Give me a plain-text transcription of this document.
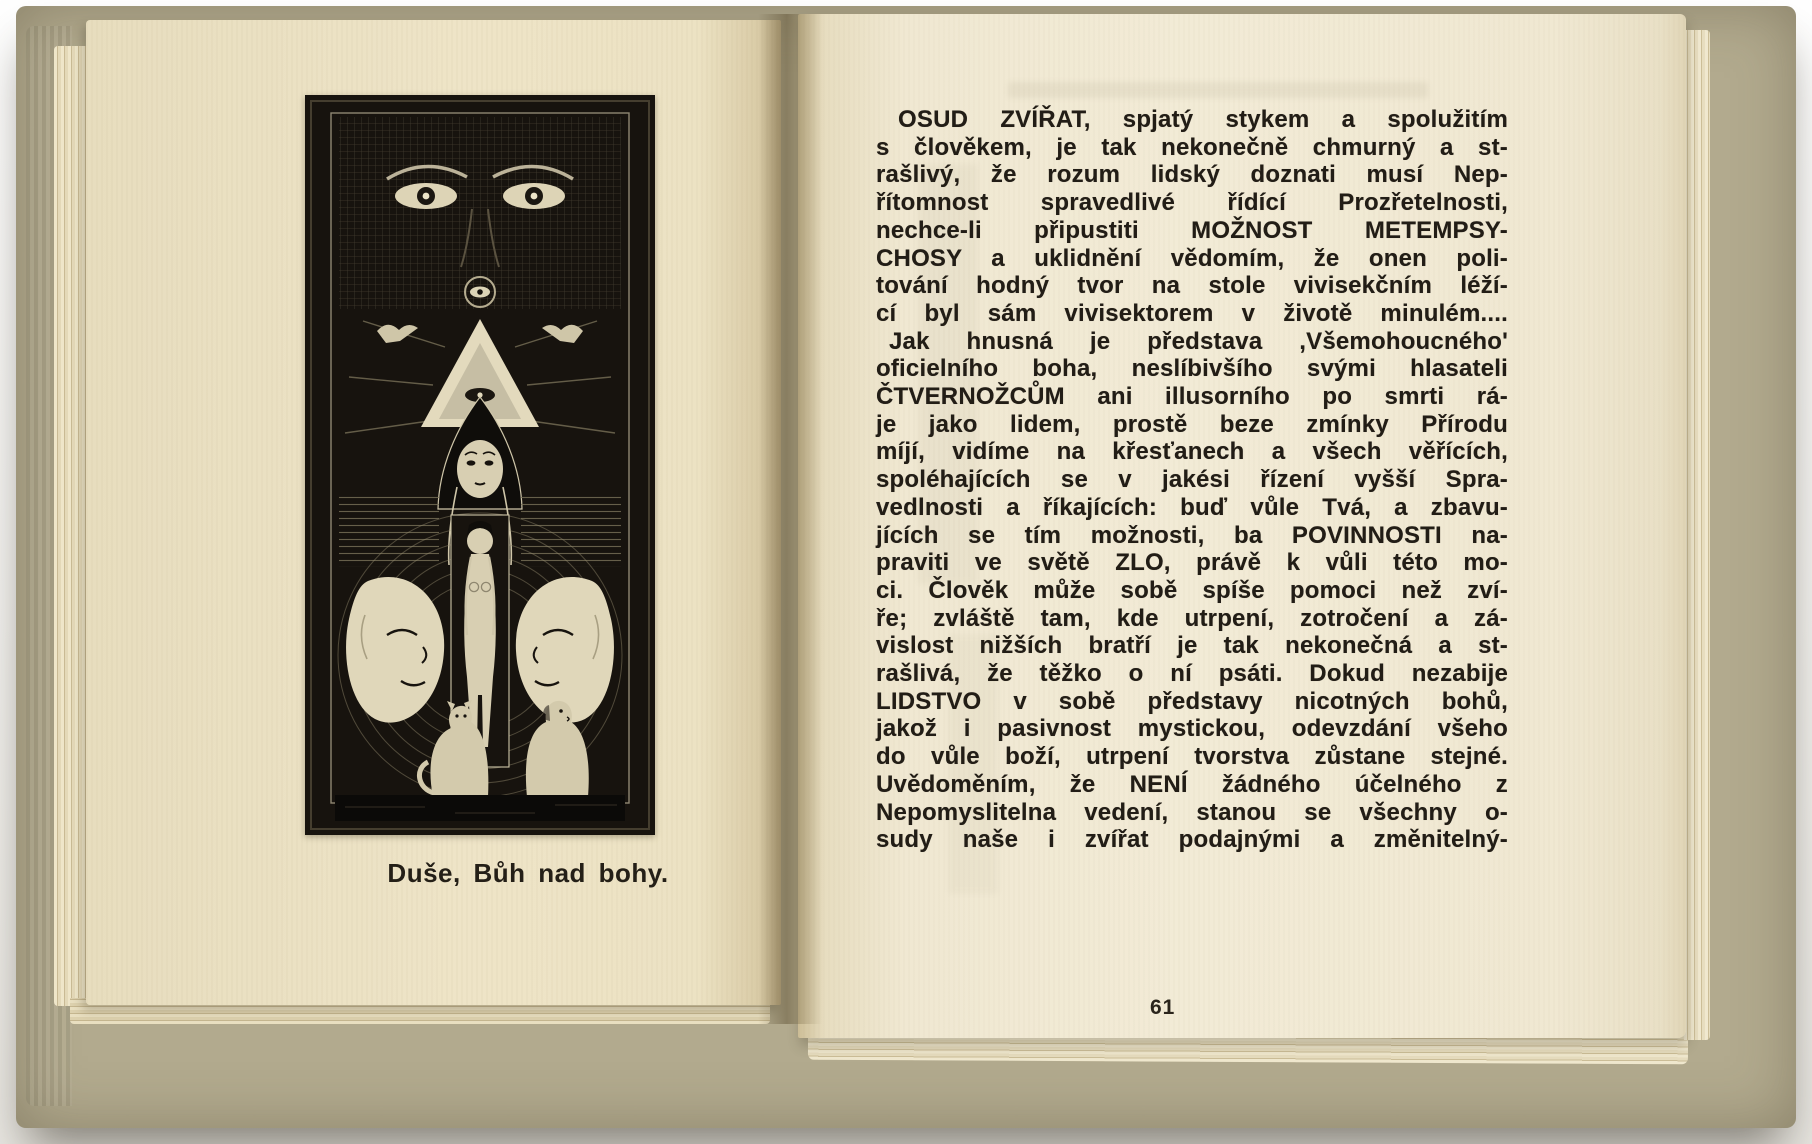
Duše, Bůh nad bohy.
OSUD ZVÍŘAT, spjatý stykem a spolužitím
s člověkem, je tak nekonečně chmurný a st-
rašlivý, že rozum lidský doznati musí Nep-
řítomnost spravedlivé řídící Prozřetelnosti,
nechce-li připustiti MOŽNOST METEMPSY-
CHOSY a uklidnění vědomím, že onen poli-
tování hodný tvor na stole vivisekčním léží-
cí byl sám vivisektorem v životě minulém....
Jak hnusná je představa ,Všemohoucného'
oficielního boha, neslíbivšího svými hlasateli
ČTVERNOŽCŮM ani illusorního po smrti rá-
je jako lidem, prostě beze zmínky Přírodu
míjí, vidíme na křesťanech a všech věřících,
spoléhajících se v jakési řízení vyšší Spra-
vedlnosti a říkajících: buď vůle Tvá, a zbavu-
jících se tím možnosti, ba POVINNOSTI na-
praviti ve světě ZLO, právě k vůli této mo-
ci. Člověk může sobě spíše pomoci než zví-
ře; zvláště tam, kde utrpení, zotročení a zá-
vislost nižších bratří je tak nekonečná a st-
rašlivá, že těžko o ní psáti. Dokud nezabije
LIDSTVO v sobě představy nicotných bohů,
jakož i pasivnost mystickou, odevzdání všeho
do vůle boží, utrpení tvorstva zůstane stejné.
Uvědoměním, že NENÍ žádného účelného z
Nepomyslitelna vedení, stanou se všechny o-
sudy naše i zvířat podajnými a změnitelný-
61
